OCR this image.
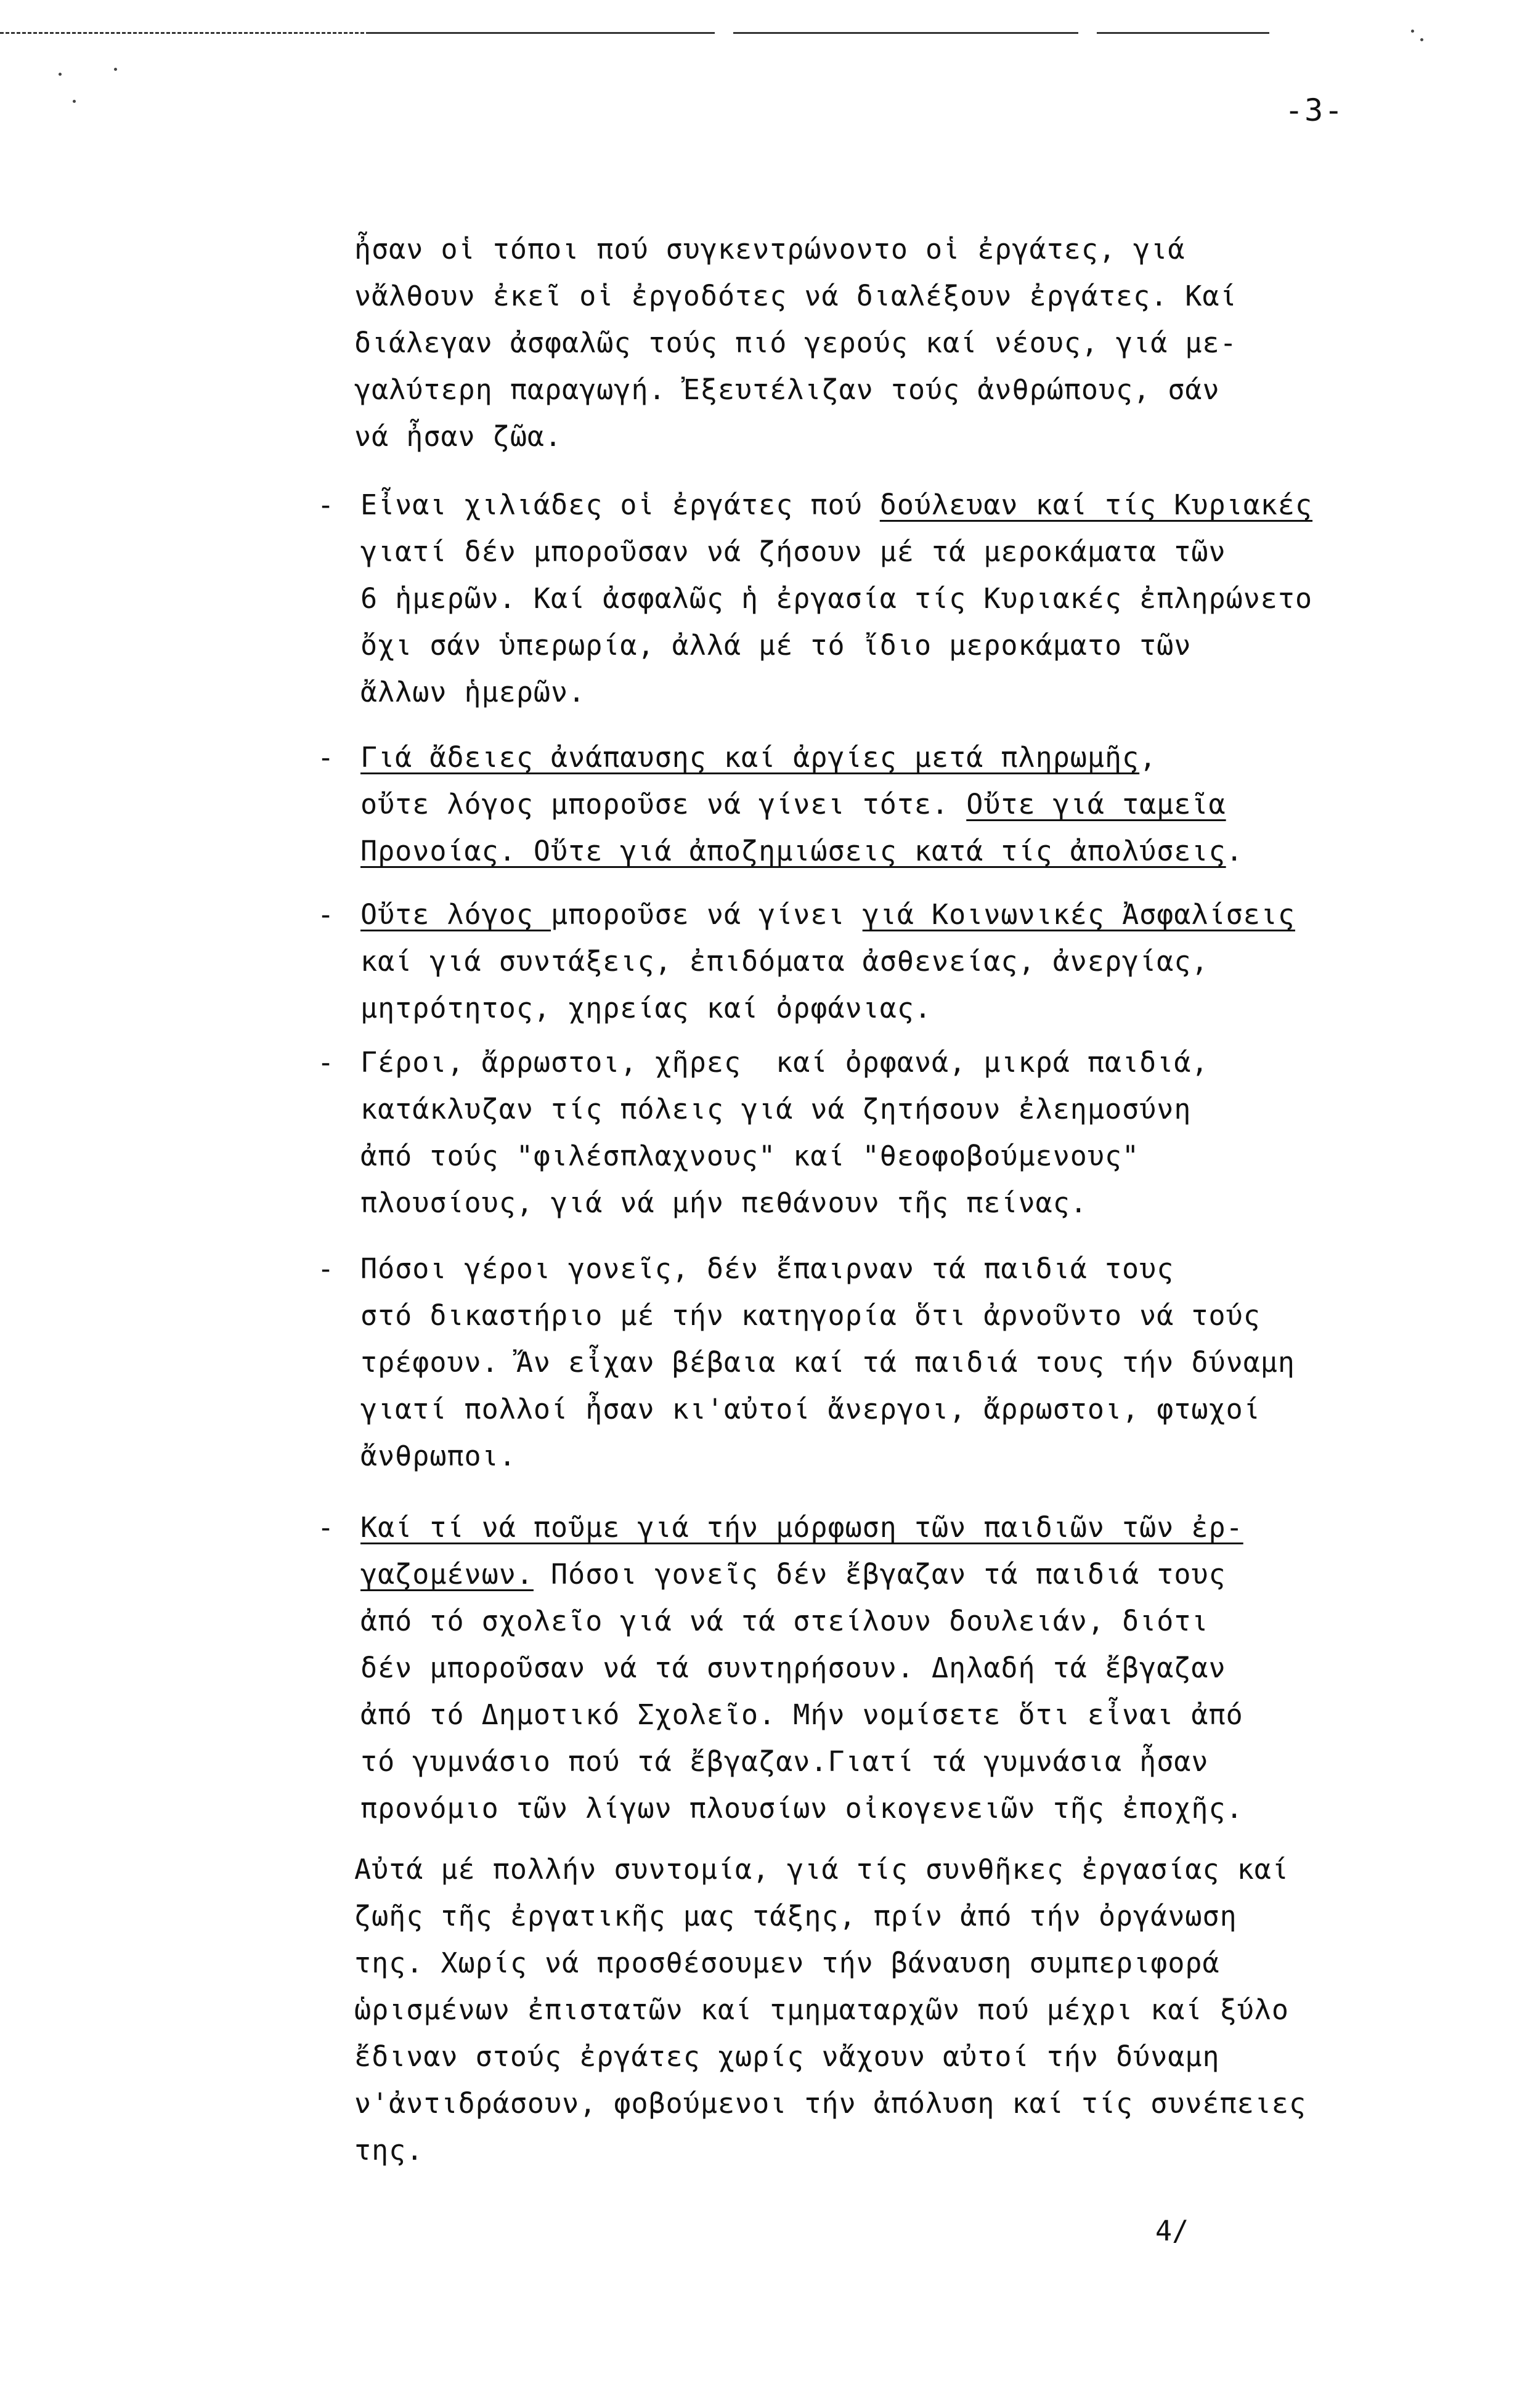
-3-
ἦσαν οἱ τόποι πού συγκεντρώνοντο οἱ ἐργάτες, γιά
νἄλθουν ἐκεῖ οἱ ἐργοδότες νά διαλέξουν ἐργάτες. Καί
διάλεγαν ἀσφαλῶς τούς πιό γερούς καί νέους, γιά με-
γαλύτερη παραγωγή. Ἐξευτέλιζαν τούς ἀνθρώπους, σάν
νά ἦσαν ζῶα.
- Εἶναι χιλιάδες οἱ ἐργάτες πού δούλευαν καί τίς Κυριακές
γιατί δέν μποροῦσαν νά ζήσουν μέ τά μεροκάματα τῶν
6 ἡμερῶν. Καί ἀσφαλῶς ἡ ἐργασία τίς Κυριακές ἐπληρώνετο
ὄχι σάν ὑπερωρία, ἀλλά μέ τό ἴδιο μεροκάματο τῶν
ἄλλων ἡμερῶν.
- Γιά ἄδειες ἀνάπαυσης καί ἀργίες μετά πληρωμῆς,
οὔτε λόγος μποροῦσε νά γίνει τότε. Οὔτε γιά ταμεῖα
Προνοίας. Οὔτε γιά ἀποζημιώσεις κατά τίς ἀπολύσεις.
- Οὔτε λόγος μποροῦσε νά γίνει γιά Κοινωνικές Ἀσφαλίσεις
καί γιά συντάξεις, ἐπιδόματα ἀσθενείας, ἀνεργίας,
μητρότητος, χηρείας καί ὀρφάνιας.
- Γέροι, ἄρρωστοι, χῆρες  καί ὀρφανά, μικρά παιδιά,
κατάκλυζαν τίς πόλεις γιά νά ζητήσουν ἐλεημοσύνη
ἀπό τούς "φιλέσπλαχνους" καί "θεοφοβούμενους"
πλουσίους, γιά νά μήν πεθάνουν τῆς πείνας.
- Πόσοι γέροι γονεῖς, δέν ἔπαιρναν τά παιδιά τους
στό δικαστήριο μέ τήν κατηγορία ὅτι ἀρνοῦντο νά τούς
τρέφουν. Ἄν εἶχαν βέβαια καί τά παιδιά τους τήν δύναμη
γιατί πολλοί ἦσαν κι'αὐτοί ἄνεργοι, ἄρρωστοι, φτωχοί
ἄνθρωποι.
- Καί τί νά ποῦμε γιά τήν μόρφωση τῶν παιδιῶν τῶν ἐρ-
γαζομένων. Πόσοι γονεῖς δέν ἔβγαζαν τά παιδιά τους
ἀπό τό σχολεῖο γιά νά τά στείλουν δουλειάν, διότι
δέν μποροῦσαν νά τά συντηρήσουν. Δηλαδή τά ἔβγαζαν
ἀπό τό Δημοτικό Σχολεῖο. Μήν νομίσετε ὅτι εἶναι ἀπό
τό γυμνάσιο πού τά ἔβγαζαν.Γιατί τά γυμνάσια ἦσαν
προνόμιο τῶν λίγων πλουσίων οἰκογενειῶν τῆς ἐποχῆς.
Αὐτά μέ πολλήν συντομία, γιά τίς συνθῆκες ἐργασίας καί
ζωῆς τῆς ἐργατικῆς μας τάξης, πρίν ἀπό τήν ὀργάνωση
της. Χωρίς νά προσθέσουμεν τήν βάναυση συμπεριφορά
ὡρισμένων ἐπιστατῶν καί τμηματαρχῶν πού μέχρι καί ξύλο
ἔδιναν στούς ἐργάτες χωρίς νἄχουν αὐτοί τήν δύναμη
ν'ἀντιδράσουν, φοβούμενοι τήν ἀπόλυση καί τίς συνέπειες
της.
4/
